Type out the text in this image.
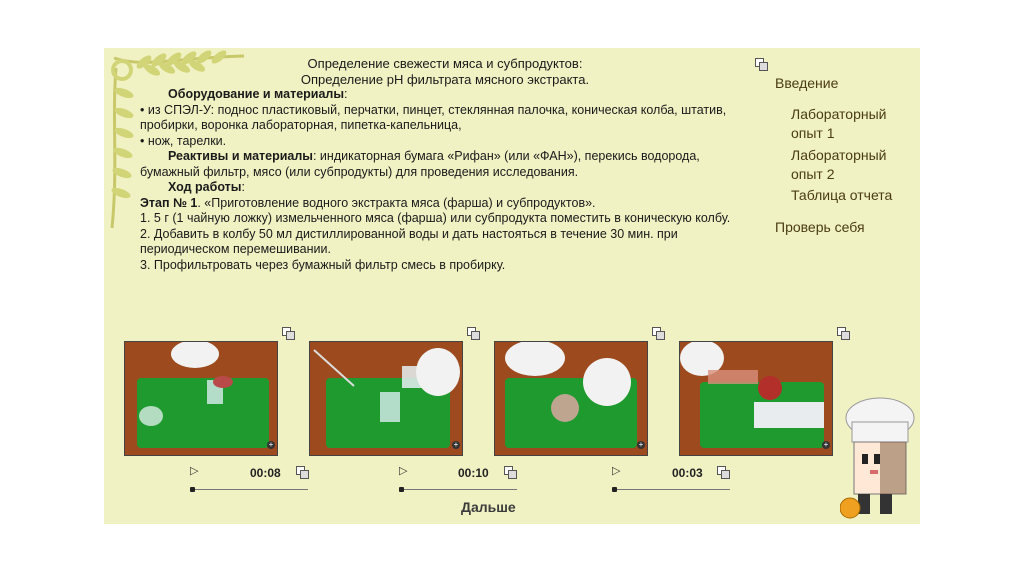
Определение свежести мяса и субпродуктов:
Определение рН фильтрата мясного экстракта.
Оборудование и материалы:
• из СПЭЛ-У: поднос пластиковый, перчатки, пинцет, стеклянная палочка, коническая колба, штатив, пробирки, воронка лабораторная, пипетка-капельница,
• нож, тарелки.
Реактивы и материалы: индикаторная бумага «Рифан» (или «ФАН»), перекись водорода, бумажный фильтр, мясо (или субпродукты) для проведения исследования.
Ход работы:
Этап № 1. «Приготовление водного экстракта мяса (фарша) и субпродуктов».
1. 5 г (1 чайную ложку) измельченного мяса (фарша) или субпродукта поместить в коническую колбу.
2. Добавить в колбу 50 мл дистиллированной воды и дать настояться в течение 30 мин. при периодическом перемешивании.
3. Профильтровать через бумажный фильтр смесь в пробирку.
Введение
Лабораторный опыт 1
Лабораторный опыт 2
Таблица отчета
Проверь себя
+	+	+	+
▷	00:08	▷	00:10	▷	00:03
Дальше
